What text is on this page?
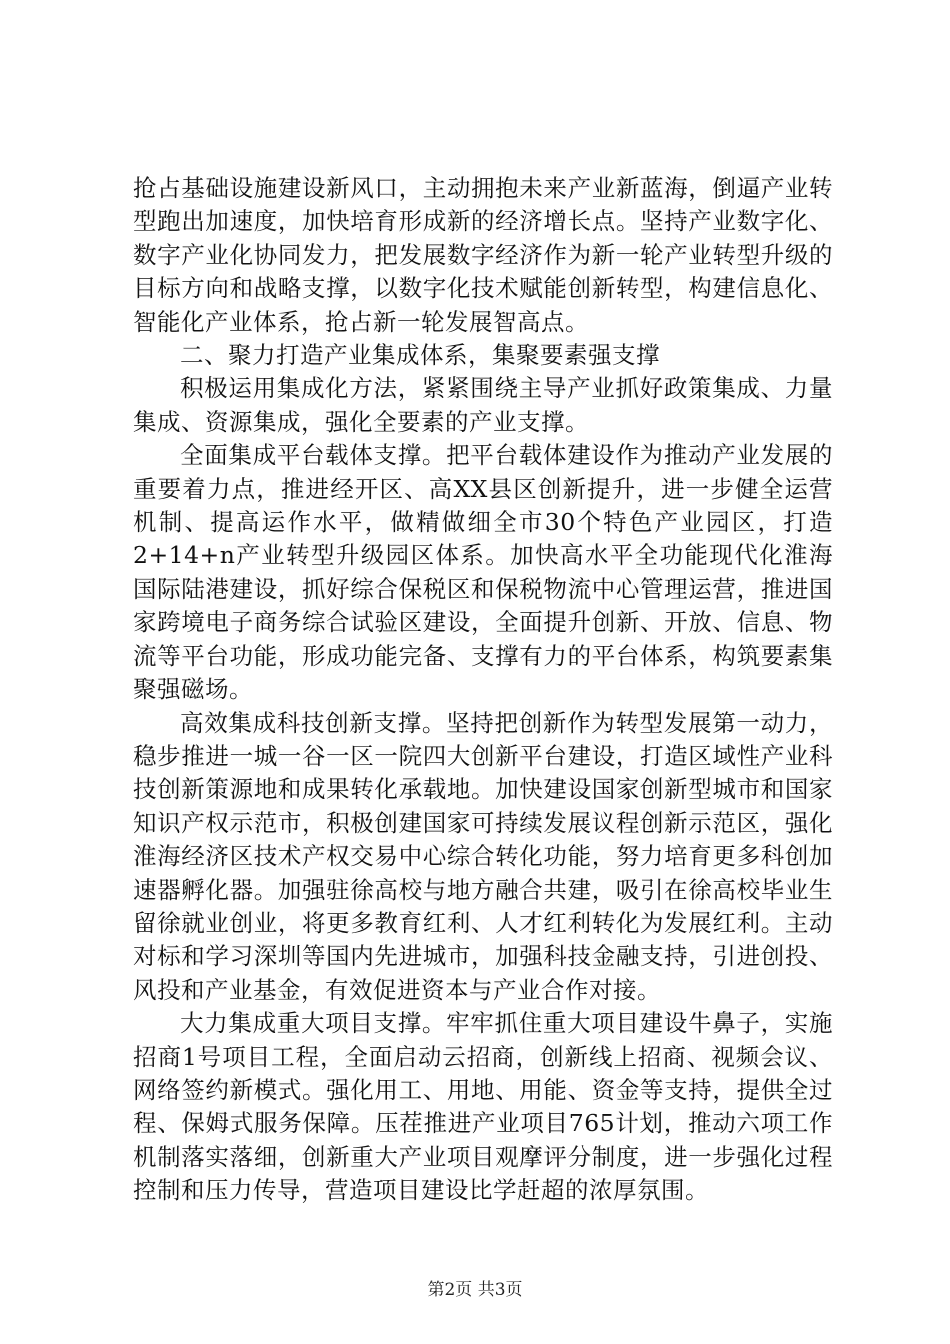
抢占基础设施建设新风口，主动拥抱未来产业新蓝海，倒逼产业转型跑出加速度，加快培育形成新的经济增长点。坚持产业数字化、数字产业化协同发力，把发展数字经济作为新一轮产业转型升级的目标方向和战略支撑，以数字化技术赋能创新转型，构建信息化、智能化产业体系，抢占新一轮发展智高点。

二、聚力打造产业集成体系，集聚要素强支撑

积极运用集成化方法，紧紧围绕主导产业抓好政策集成、力量集成、资源集成，强化全要素的产业支撑。

全面集成平台载体支撑。把平台载体建设作为推动产业发展的重要着力点，推进经开区、高XX县区创新提升，进一步健全运营机制、提高运作水平，做精做细全市30个特色产业园区，打造2+14+n产业转型升级园区体系。加快高水平全功能现代化淮海国际陆港建设，抓好综合保税区和保税物流中心管理运营，推进国家跨境电子商务综合试验区建设，全面提升创新、开放、信息、物流等平台功能，形成功能完备、支撑有力的平台体系，构筑要素集聚强磁场。

高效集成科技创新支撑。坚持把创新作为转型发展第一动力，稳步推进一城一谷一区一院四大创新平台建设，打造区域性产业科技创新策源地和成果转化承载地。加快建设国家创新型城市和国家知识产权示范市，积极创建国家可持续发展议程创新示范区，强化淮海经济区技术产权交易中心综合转化功能，努力培育更多科创加速器孵化器。加强驻徐高校与地方融合共建，吸引在徐高校毕业生留徐就业创业，将更多教育红利、人才红利转化为发展红利。主动对标和学习深圳等国内先进城市，加强科技金融支持，引进创投、风投和产业基金，有效促进资本与产业合作对接。

大力集成重大项目支撑。牢牢抓住重大项目建设牛鼻子，实施招商1号项目工程，全面启动云招商，创新线上招商、视频会议、网络签约新模式。强化用工、用地、用能、资金等支持，提供全过程、保姆式服务保障。压茬推进产业项目765计划，推动六项工作机制落实落细，创新重大产业项目观摩评分制度，进一步强化过程控制和压力传导，营造项目建设比学赶超的浓厚氛围。

第2页 共3页
